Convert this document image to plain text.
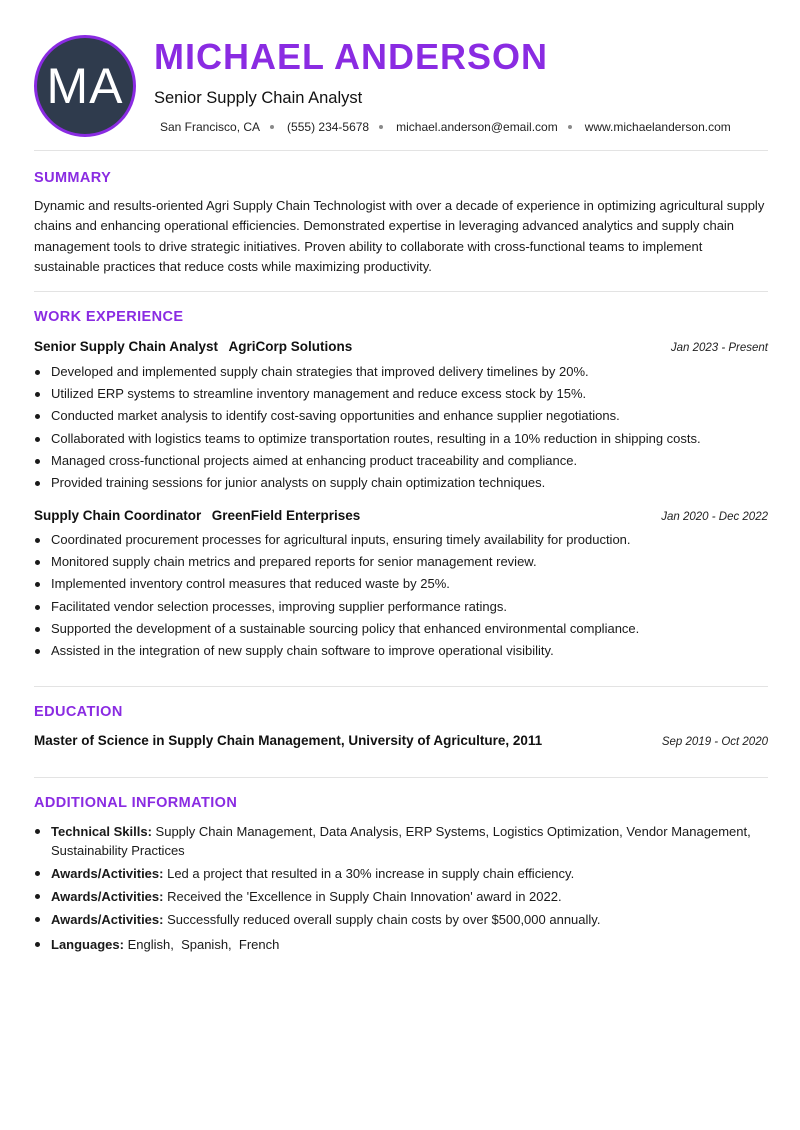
MA
MICHAEL ANDERSON
Senior Supply Chain Analyst
San Francisco, CA (555) 234-5678 michael.anderson@email.com www.michaelanderson.com
SUMMARY

Dynamic and results-oriented Agri Supply Chain Technologist with over a decade of experience in optimizing agricultural supply chains and enhancing operational efficiencies. Demonstrated expertise in leveraging advanced analytics and supply chain management tools to drive strategic initiatives. Proven ability to collaborate with cross-functional teams to implement sustainable practices that reduce costs while maximizing productivity.

WORK EXPERIENCE
Senior Supply Chain Analyst AgriCorp Solutions	Jan 2023 - Present
Developed and implemented supply chain strategies that improved delivery timelines by 20%.
Utilized ERP systems to streamline inventory management and reduce excess stock by 15%.
Conducted market analysis to identify cost-saving opportunities and enhance supplier negotiations.
Collaborated with logistics teams to optimize transportation routes, resulting in a 10% reduction in shipping costs.
Managed cross-functional projects aimed at enhancing product traceability and compliance.
Provided training sessions for junior analysts on supply chain optimization techniques.
Supply Chain Coordinator GreenField Enterprises	Jan 2020 - Dec 2022
Coordinated procurement processes for agricultural inputs, ensuring timely availability for production.
Monitored supply chain metrics and prepared reports for senior management review.
Implemented inventory control measures that reduced waste by 25%.
Facilitated vendor selection processes, improving supplier performance ratings.
Supported the development of a sustainable sourcing policy that enhanced environmental compliance.
Assisted in the integration of new supply chain software to improve operational visibility.
EDUCATION
Master of Science in Supply Chain Management, University of Agriculture, 2011	Sep 2019 - Oct 2020
ADDITIONAL INFORMATION
Technical Skills: Supply Chain Management, Data Analysis, ERP Systems, Logistics Optimization, Vendor Management, Sustainability Practices
Awards/Activities: Led a project that resulted in a 30% increase in supply chain efficiency.
Awards/Activities: Received the 'Excellence in Supply Chain Innovation' award in 2022.
Awards/Activities: Successfully reduced overall supply chain costs by over $500,000 annually.
Languages: English,  Spanish,  French
